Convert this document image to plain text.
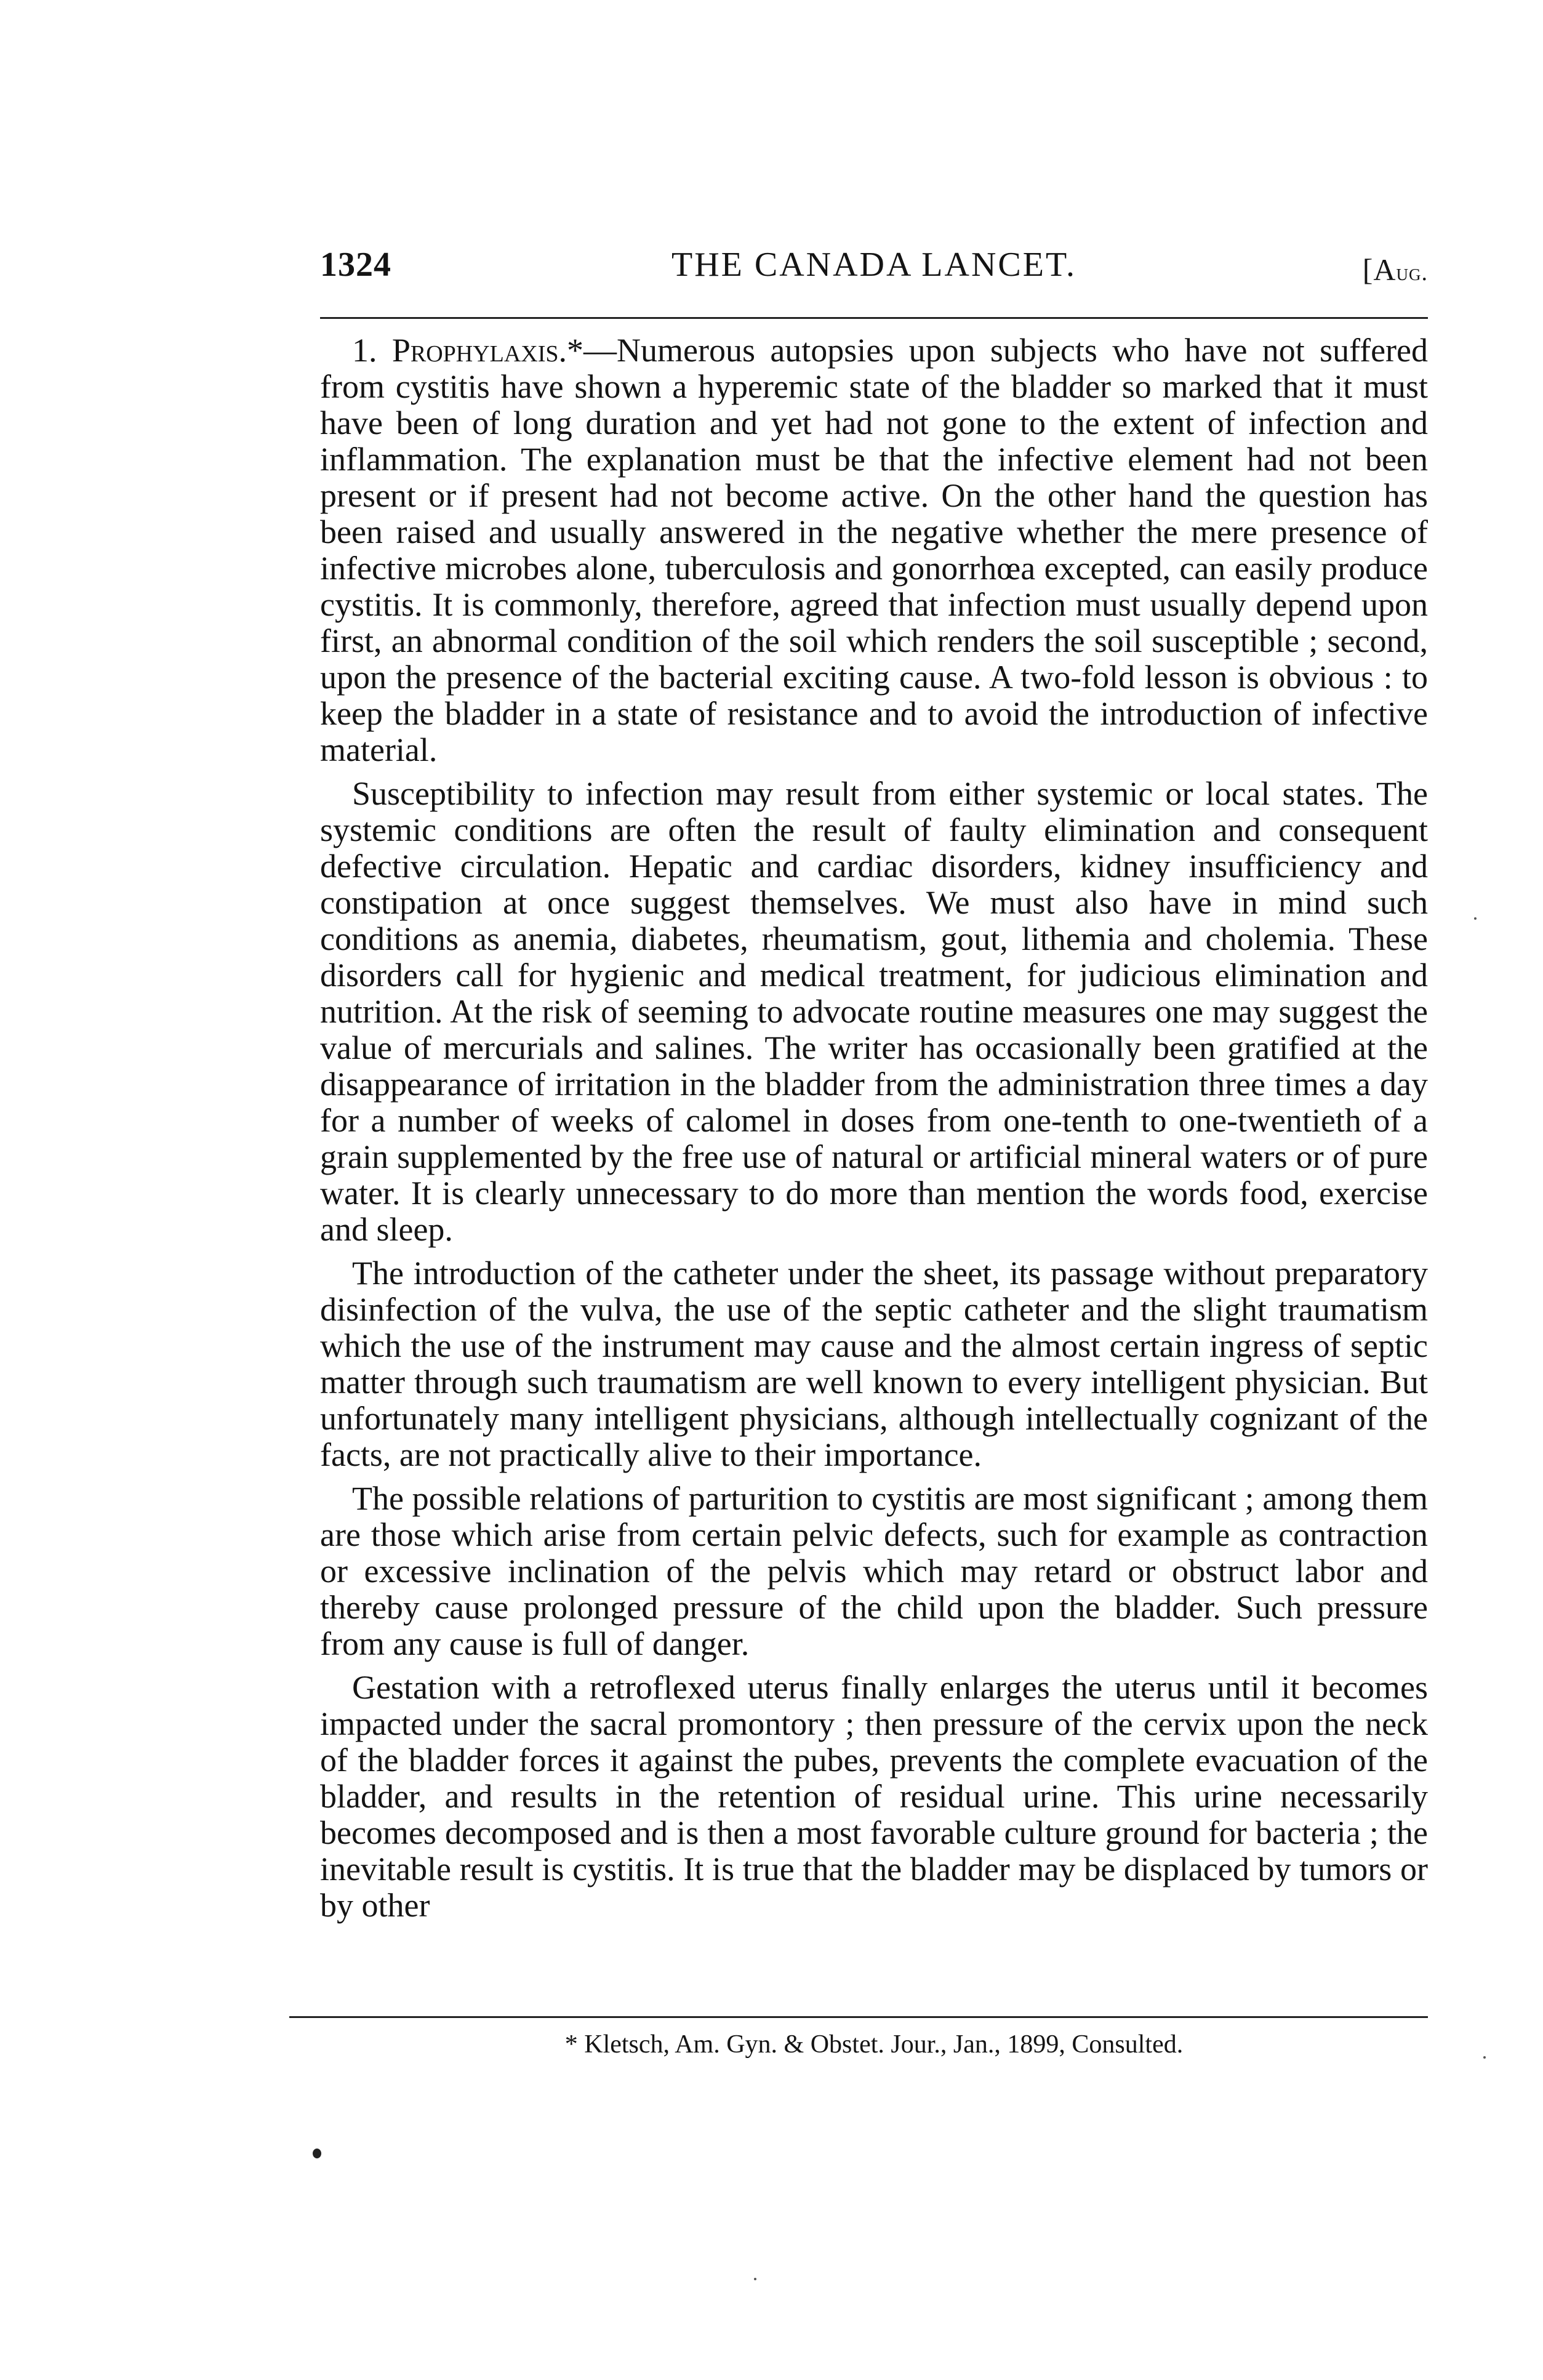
1324	THE CANADA LANCET.	[Aug.

1. Prophylaxis.*—Numerous autopsies upon subjects who have not suffered from cystitis have shown a hyperemic state of the bladder so marked that it must have been of long duration and yet had not gone to the extent of infection and inflammation. The explanation must be that the infective element had not been present or if present had not become active. On the other hand the question has been raised and usually answered in the negative whether the mere presence of infective microbes alone, tuberculosis and gonorrhœa excepted, can easily produce cystitis. It is commonly, therefore, agreed that infection must usually depend upon first, an abnormal condition of the soil which renders the soil susceptible ; second, upon the presence of the bacterial exciting cause. A two-fold lesson is obvious : to keep the bladder in a state of resistance and to avoid the introduction of infective material.

Susceptibility to infection may result from either systemic or local states. The systemic conditions are often the result of faulty elimination and consequent defective circulation. Hepatic and cardiac disorders, kidney insufficiency and constipation at once suggest themselves. We must also have in mind such conditions as anemia, diabetes, rheumatism, gout, lithemia and cholemia. These disorders call for hygienic and medical treatment, for judicious elimination and nutrition. At the risk of seeming to advocate routine measures one may suggest the value of mercurials and salines. The writer has occasionally been gratified at the disappearance of irritation in the bladder from the administration three times a day for a number of weeks of calomel in doses from one-tenth to one-twentieth of a grain supplemented by the free use of natural or artificial mineral waters or of pure water. It is clearly unnecessary to do more than mention the words food, exercise and sleep.

The introduction of the catheter under the sheet, its passage without preparatory disinfection of the vulva, the use of the septic catheter and the slight traumatism which the use of the instrument may cause and the almost certain ingress of septic matter through such traumatism are well known to every intelligent physician. But unfortunately many intelligent physicians, although intellectually cognizant of the facts, are not practically alive to their importance.

The possible relations of parturition to cystitis are most significant ; among them are those which arise from certain pelvic defects, such for example as contraction or excessive inclination of the pelvis which may retard or obstruct labor and thereby cause prolonged pressure of the child upon the bladder. Such pressure from any cause is full of danger.

Gestation with a retroflexed uterus finally enlarges the uterus until it becomes impacted under the sacral promontory ; then pressure of the cervix upon the neck of the bladder forces it against the pubes, prevents the complete evacuation of the bladder, and results in the retention of residual urine. This urine necessarily becomes decomposed and is then a most favorable culture ground for bacteria ; the inevitable result is cystitis. It is true that the bladder may be displaced by tumors or by other

* Kletsch, Am. Gyn. & Obstet. Jour., Jan., 1899, Consulted.
